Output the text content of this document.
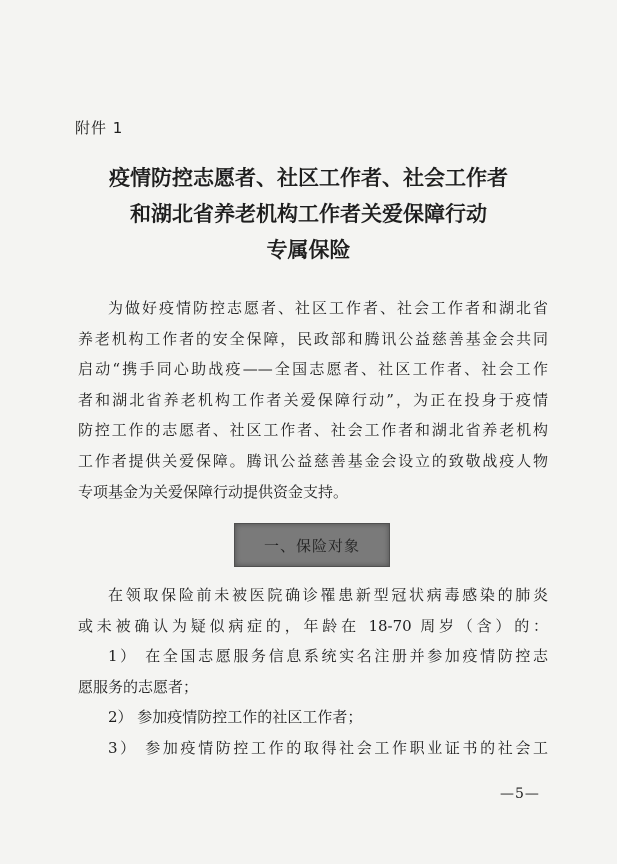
附件 1
疫情防控志愿者、社区工作者、社会工作者
和湖北省养老机构工作者关爱保障行动
专属保险
为做好疫情防控志愿者、社区工作者、社会工作者和湖北省
养老机构工作者的安全保障，民政部和腾讯公益慈善基金会共同
启动“携手同心助战疫——全国志愿者、社区工作者、社会工作
者和湖北省养老机构工作者关爱保障行动”，为正在投身于疫情
防控工作的志愿者、社区工作者、社会工作者和湖北省养老机构
工作者提供关爱保障。腾讯公益慈善基金会设立的致敬战疫人物
专项基金为关爱保障行动提供资金支持。
一、保险对象
在领取保险前未被医院确诊罹患新型冠状病毒感染的肺炎
或未被确认为疑似病症的，年龄在 18-70 周岁（含）的：
1） 在全国志愿服务信息系统实名注册并参加疫情防控志
愿服务的志愿者；
2） 参加疫情防控工作的社区工作者；
3） 参加疫情防控工作的取得社会工作职业证书的社会工
—5—
